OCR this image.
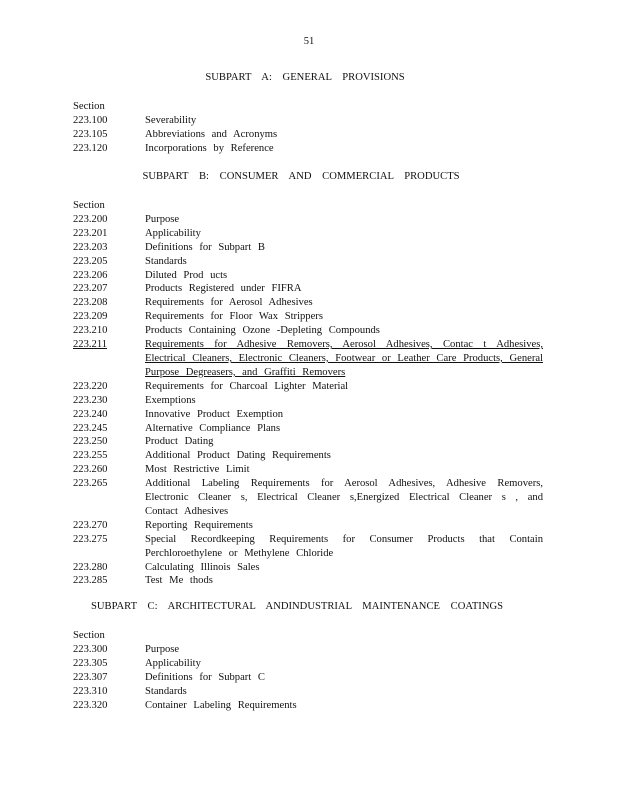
51
SUBPART A: GENERAL PROVISIONS
Section
223.100	Severability
223.105	Abbreviations and Acronyms
223.120	Incorporations by Reference
SUBPART B: CONSUMER AND COMMERCIAL PRODUCTS
Section
223.200	Purpose
223.201	Applicability
223.203	Definitions for Subpart B
223.205	Standards
223.206	Diluted Prod ucts
223.207	Products Registered under FIFRA
223.208	Requirements for Aerosol Adhesives
223.209	Requirements for Floor Wax Strippers
223.210	Products Containing Ozone -Depleting Compounds
223.211	Requirements for Adhesive Removers, Aerosol Adhesives, Contac t Adhesives, Electrical Cleaners, Electronic Cleaners, Footwear or Leather Care Products, General Purpose Degreasers, and Graffiti Removers
223.220	Requirements for Charcoal Lighter Material
223.230	Exemptions
223.240	Innovative Product Exemption
223.245	Alternative Compliance Plans
223.250	Product Dating
223.255	Additional Product Dating Requirements
223.260	Most Restrictive Limit
223.265	Additional Labeling Requirements for Aerosol Adhesives, Adhesive Removers, Electronic Cleaner s, Electrical Cleaner s,Energized Electrical Cleaner s , and Contact Adhesives
223.270	Reporting Requirements
223.275	Special Recordkeeping Requirements for Consumer Products that Contain Perchloroethylene or Methylene Chloride
223.280	Calculating Illinois Sales
223.285	Test Me thods
SUBPART C: ARCHITECTURAL ANDINDUSTRIAL MAINTENANCE COATINGS
Section
223.300	Purpose
223.305	Applicability
223.307	Definitions for Subpart C
223.310	Standards
223.320	Container Labeling Requirements
